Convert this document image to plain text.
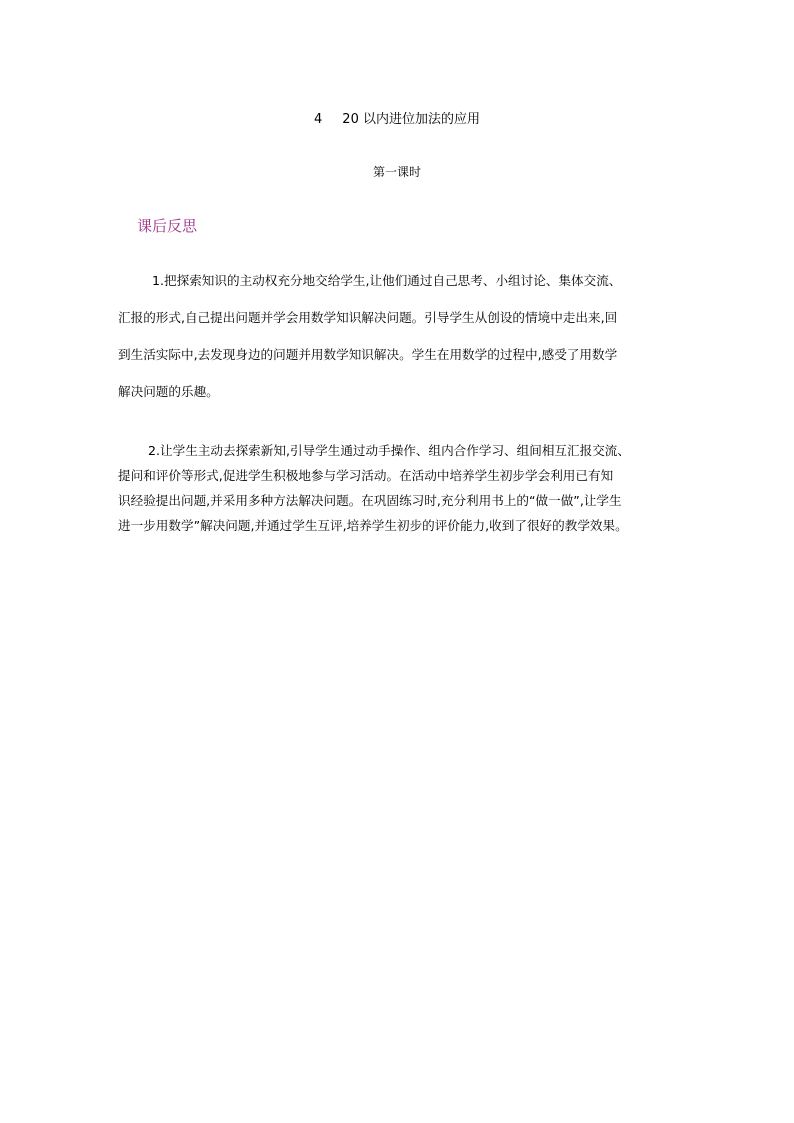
4 20 以内进位加法的应用
第一课时
课后反思

1.把探索知识的主动权充分地交给学生,让他们通过自己思考、小组讨论、集体交流、
汇报的形式,自己提出问题并学会用数学知识解决问题。引导学生从创设的情境中走出来,回
到生活实际中,去发现身边的问题并用数学知识解决。学生在用数学的过程中,感受了用数学
解决问题的乐趣。

2.让学生主动去探索新知,引导学生通过动手操作、组内合作学习、组间相互汇报交流、
提问和评价等形式,促进学生积极地参与学习活动。在活动中培养学生初步学会利用已有知
识经验提出问题,并采用多种方法解决问题。在巩固练习时,充分利用书上的“做一做”,让学生
进一步用数学”解决问题,并通过学生互评,培养学生初步的评价能力,收到了很好的教学效果。
